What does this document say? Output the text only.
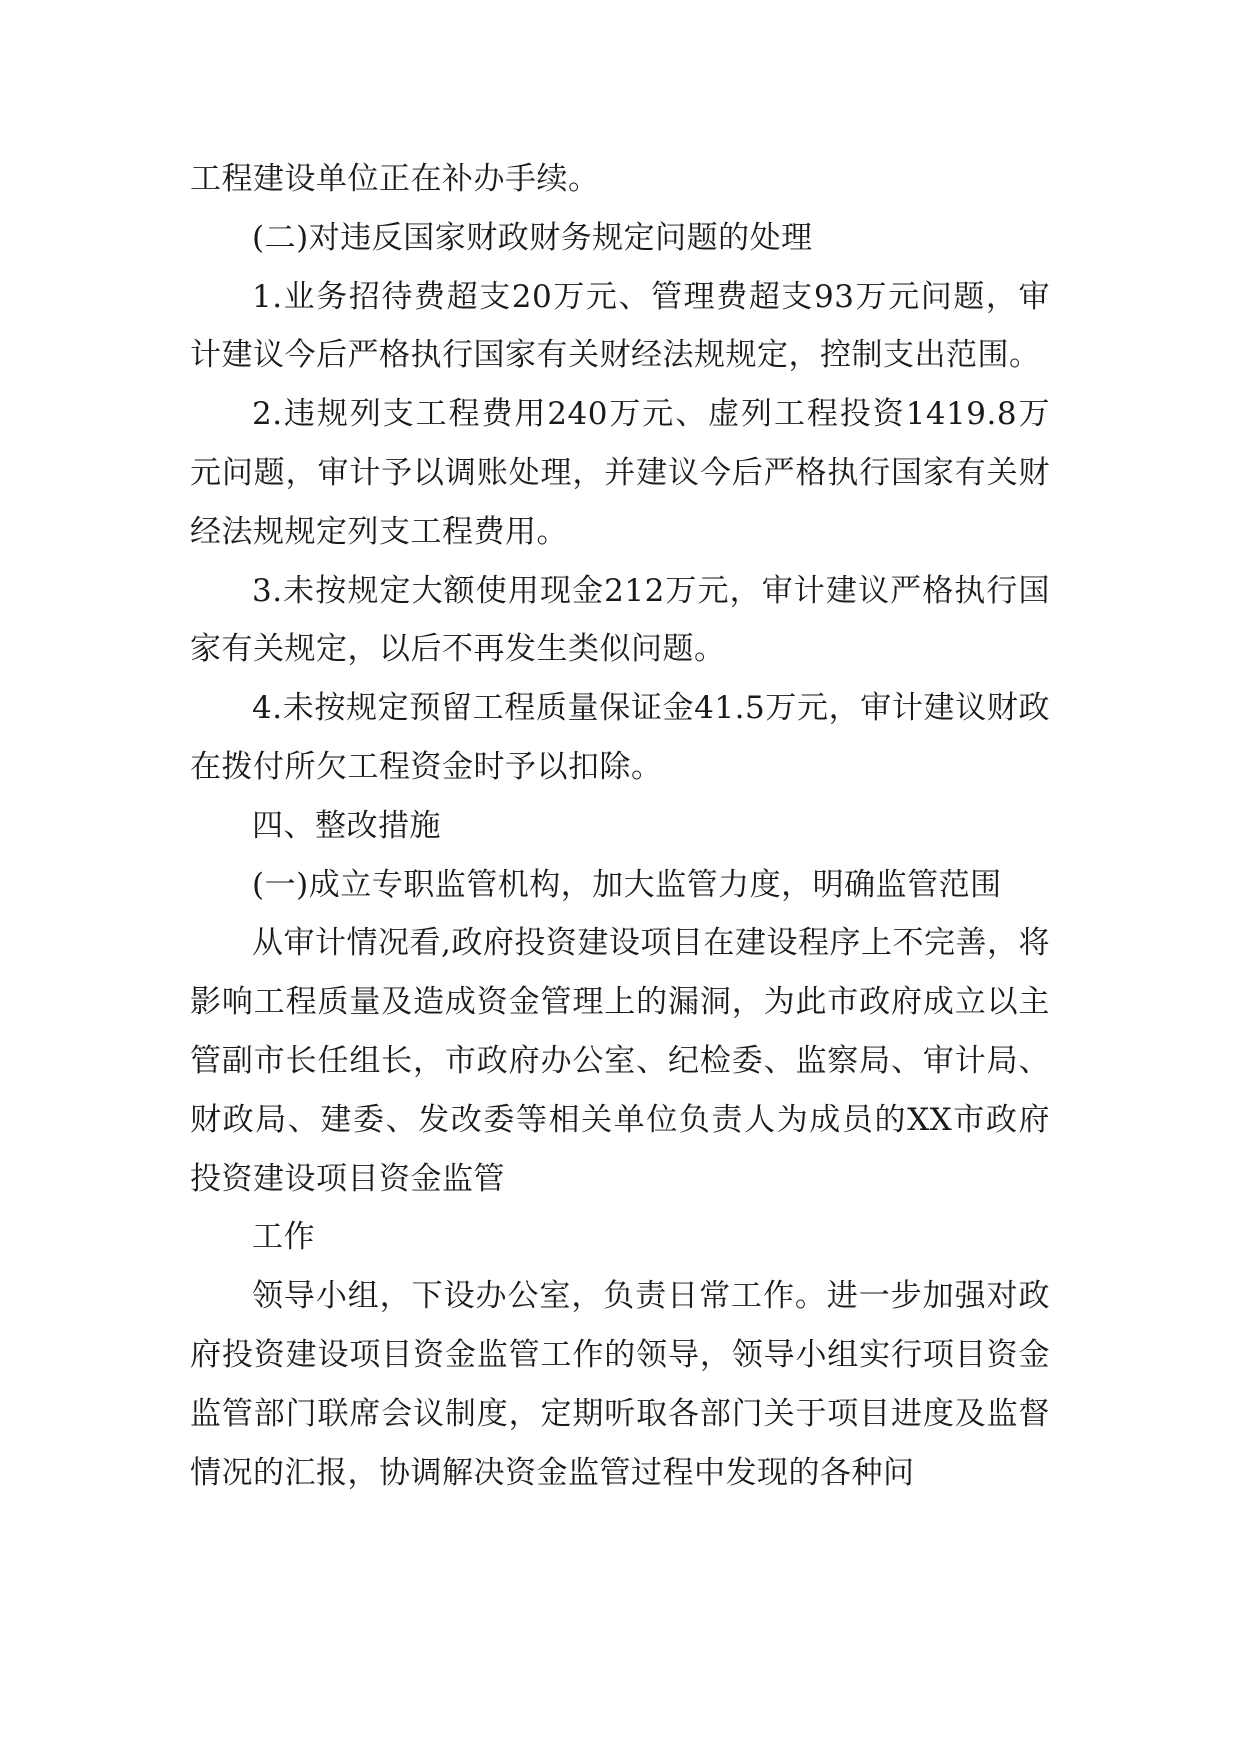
工程建设单位正在补办手续。

(二)对违反国家财政财务规定问题的处理

1.业务招待费超支20万元、管理费超支93万元问题，审计建议今后严格执行国家有关财经法规规定，控制支出范围。

2.违规列支工程费用240万元、虚列工程投资1419.8万元问题，审计予以调账处理，并建议今后严格执行国家有关财经法规规定列支工程费用。

3.未按规定大额使用现金212万元，审计建议严格执行国家有关规定，以后不再发生类似问题。

4.未按规定预留工程质量保证金41.5万元，审计建议财政在拨付所欠工程资金时予以扣除。

四、整改措施

(一)成立专职监管机构，加大监管力度，明确监管范围

从审计情况看,政府投资建设项目在建设程序上不完善，将影响工程质量及造成资金管理上的漏洞，为此市政府成立以主管副市长任组长，市政府办公室、纪检委、监察局、审计局、财政局、建委、发改委等相关单位负责人为成员的XX市政府投资建设项目资金监管

工作

领导小组，下设办公室，负责日常工作。进一步加强对政府投资建设项目资金监管工作的领导，领导小组实行项目资金监管部门联席会议制度，定期听取各部门关于项目进度及监督情况的汇报，协调解决资金监管过程中发现的各种问
